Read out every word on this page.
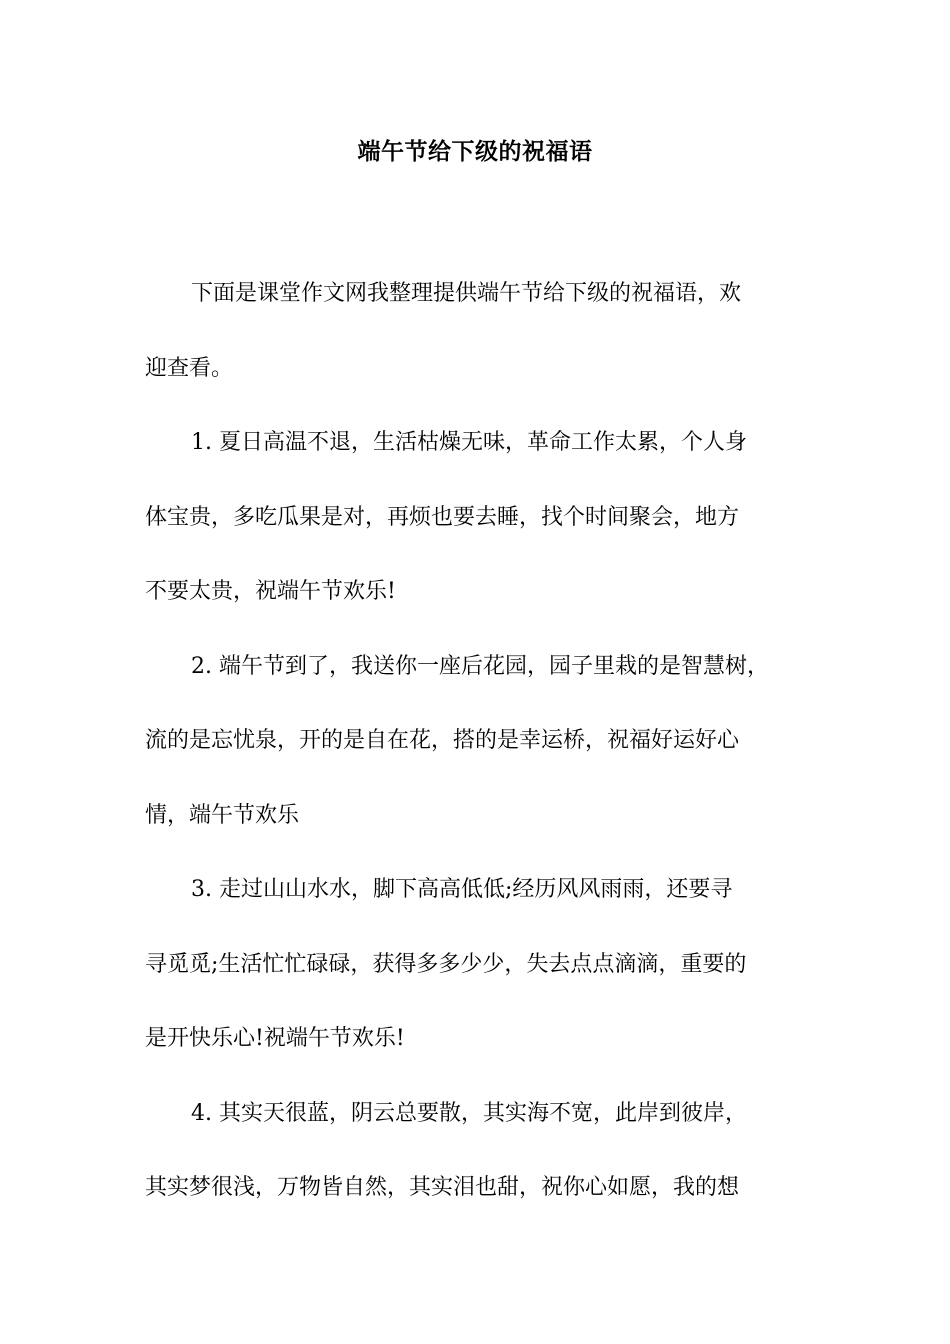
端午节给下级的祝福语
下面是课堂作文网我整理提供端午节给下级的祝福语，欢
迎查看。
1. 夏日高温不退，生活枯燥无味，革命工作太累，个人身
体宝贵，多吃瓜果是对，再烦也要去睡，找个时间聚会，地方
不要太贵，祝端午节欢乐!
2. 端午节到了，我送你一座后花园，园子里栽的是智慧树，
流的是忘忧泉，开的是自在花，搭的是幸运桥，祝福好运好心
情，端午节欢乐
3. 走过山山水水，脚下高高低低;经历风风雨雨，还要寻
寻觅觅;生活忙忙碌碌，获得多多少少，失去点点滴滴，重要的
是开快乐心!祝端午节欢乐!
4. 其实天很蓝，阴云总要散，其实海不宽，此岸到彼岸，
其实梦很浅，万物皆自然，其实泪也甜，祝你心如愿，我的想
